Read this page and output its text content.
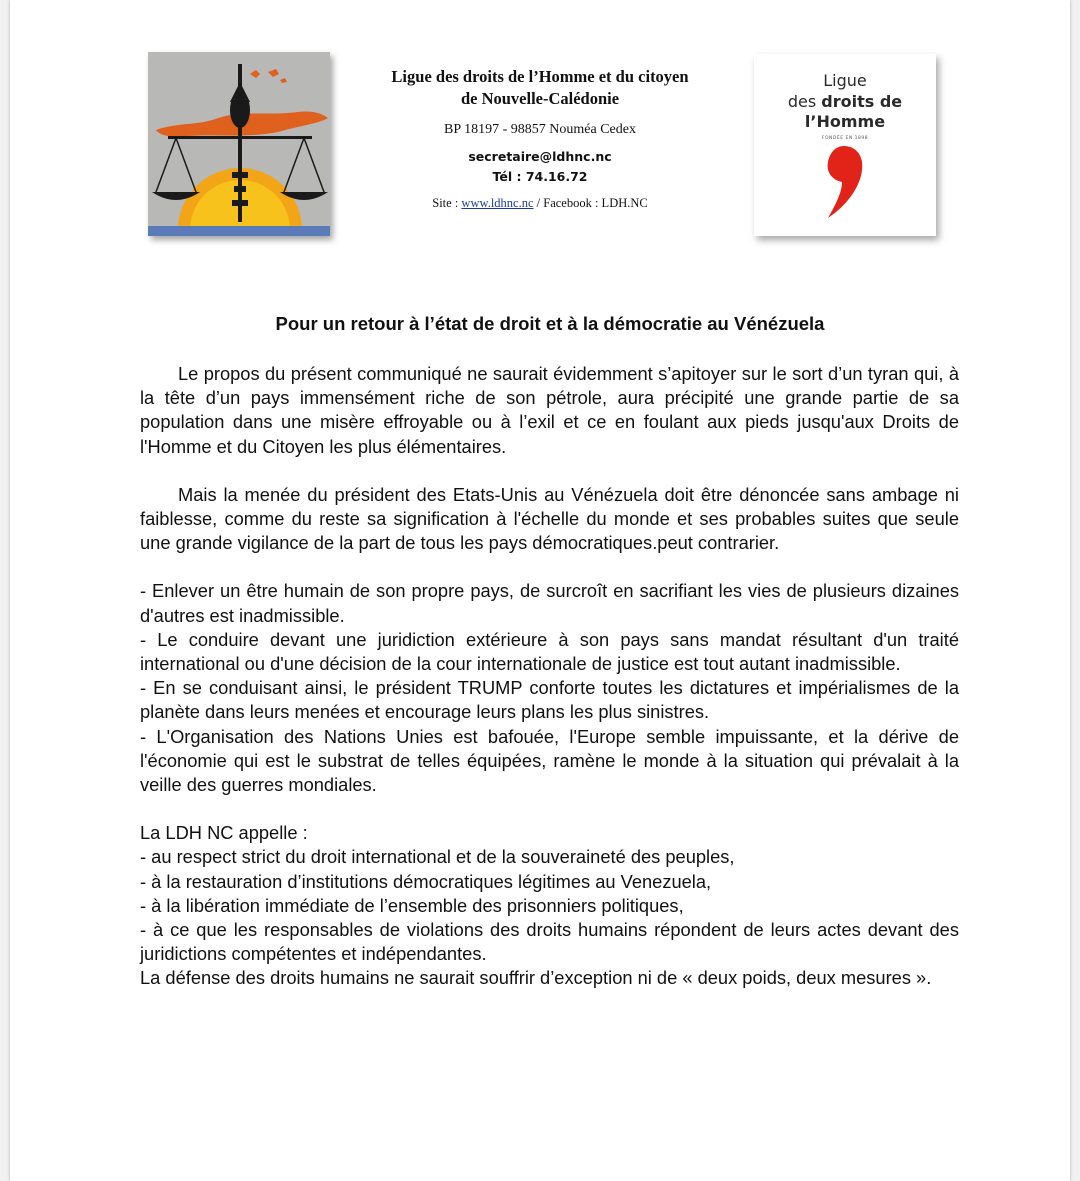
Ligue des droits de l’Homme et du citoyen

de Nouvelle-Calédonie

BP 18197 - 98857 Nouméa Cedex
secretaire@ldhnc.nc
Tél : 74.16.72
Site : www.ldhnc.nc / Facebook : LDH.NC
Ligue
des droits de
l’Homme
FONDÉE EN 1898
Pour un retour à l’état de droit et à la démocratie au Vénézuela

Le propos du présent communiqué ne saurait évidemment s’apitoyer sur le sort d’un tyran qui, à la tête d’un pays immensément riche de son pétrole, aura précipité une grande partie de sa population dans une misère effroyable ou à l’exil et ce en foulant aux pieds jusqu'aux Droits de l'Homme et du Citoyen les plus élémentaires.

Mais la menée du président des Etats-Unis au Vénézuela doit être dénoncée sans ambage ni faiblesse, comme du reste sa signification à l'échelle du monde et ses probables suites que seule une grande vigilance de la part de tous les pays démocratiques.peut contrarier.

- Enlever un être humain de son propre pays, de surcroît en sacrifiant les vies de plusieurs dizaines d'autres est inadmissible.

- Le conduire devant une juridiction extérieure à son pays sans mandat résultant d'un traité international ou d'une décision de la cour internationale de justice est tout autant inadmissible.

- En se conduisant ainsi, le président TRUMP conforte toutes les dictatures et impérialismes de la planète dans leurs menées et encourage leurs plans les plus sinistres.

- L'Organisation des Nations Unies est bafouée, l'Europe semble impuissante, et la dérive de l'économie qui est le substrat de telles équipées, ramène le monde à la situation qui prévalait à la veille des guerres mondiales.

La LDH NC appelle :

- au respect strict du droit international et de la souveraineté des peuples,

- à la restauration d’institutions démocratiques légitimes au Venezuela,

- à la libération immédiate de l’ensemble des prisonniers politiques,

- à ce que les responsables de violations des droits humains répondent de leurs actes devant des juridictions compétentes et indépendantes.

La défense des droits humains ne saurait souffrir d’exception ni de « deux poids, deux mesures ».
